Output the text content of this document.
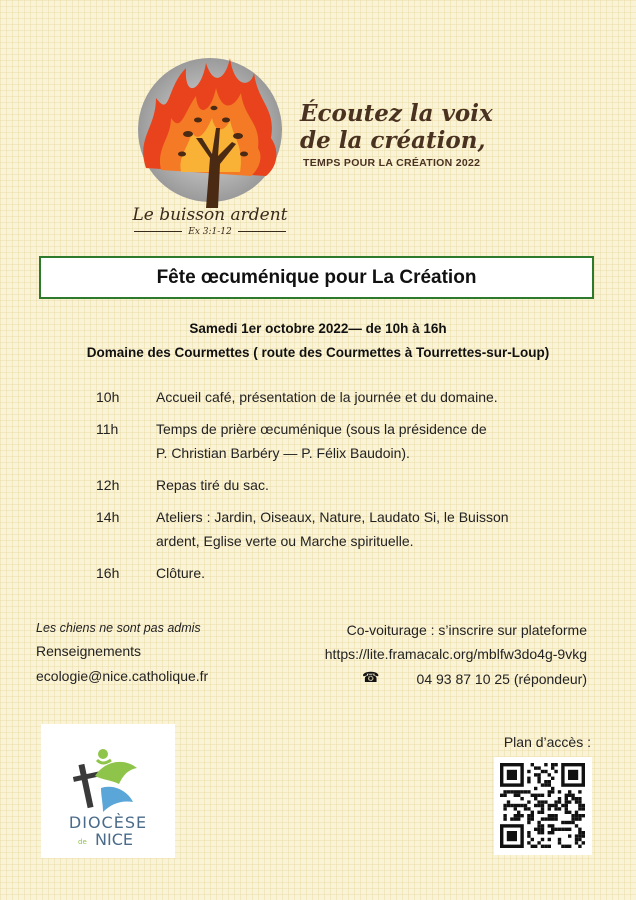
Le buisson ardent
Ex 3:1-12
Écoutez la voix
de la création,
TEMPS POUR LA CRÉATION 2022
Fête œcuménique pour La Création
Samedi 1er octobre 2022— de 10h à 16h
Domaine des Courmettes ( route des Courmettes à Tourrettes-sur-Loup)
10h	Accueil café, présentation de la journée et du domaine.
11h	Temps de prière œcuménique (sous la présidence de
P. Christian Barbéry — P. Félix Baudoin).
12h	Repas tiré du sac.
14h	Ateliers : Jardin, Oiseaux, Nature, Laudato Si, le Buisson
ardent, Eglise verte ou Marche spirituelle.
16h	Clôture.
Les chiens ne sont pas admis
Renseignements
ecologie@nice.catholique.fr
Co-voiturage : s’inscrire sur plateforme
https://lite.framacalc.org/mblfw3do4g-9vkg
☎	04 93 87 10 25 (répondeur)
DIOCÈSE
de NICE
Plan d’accès :
